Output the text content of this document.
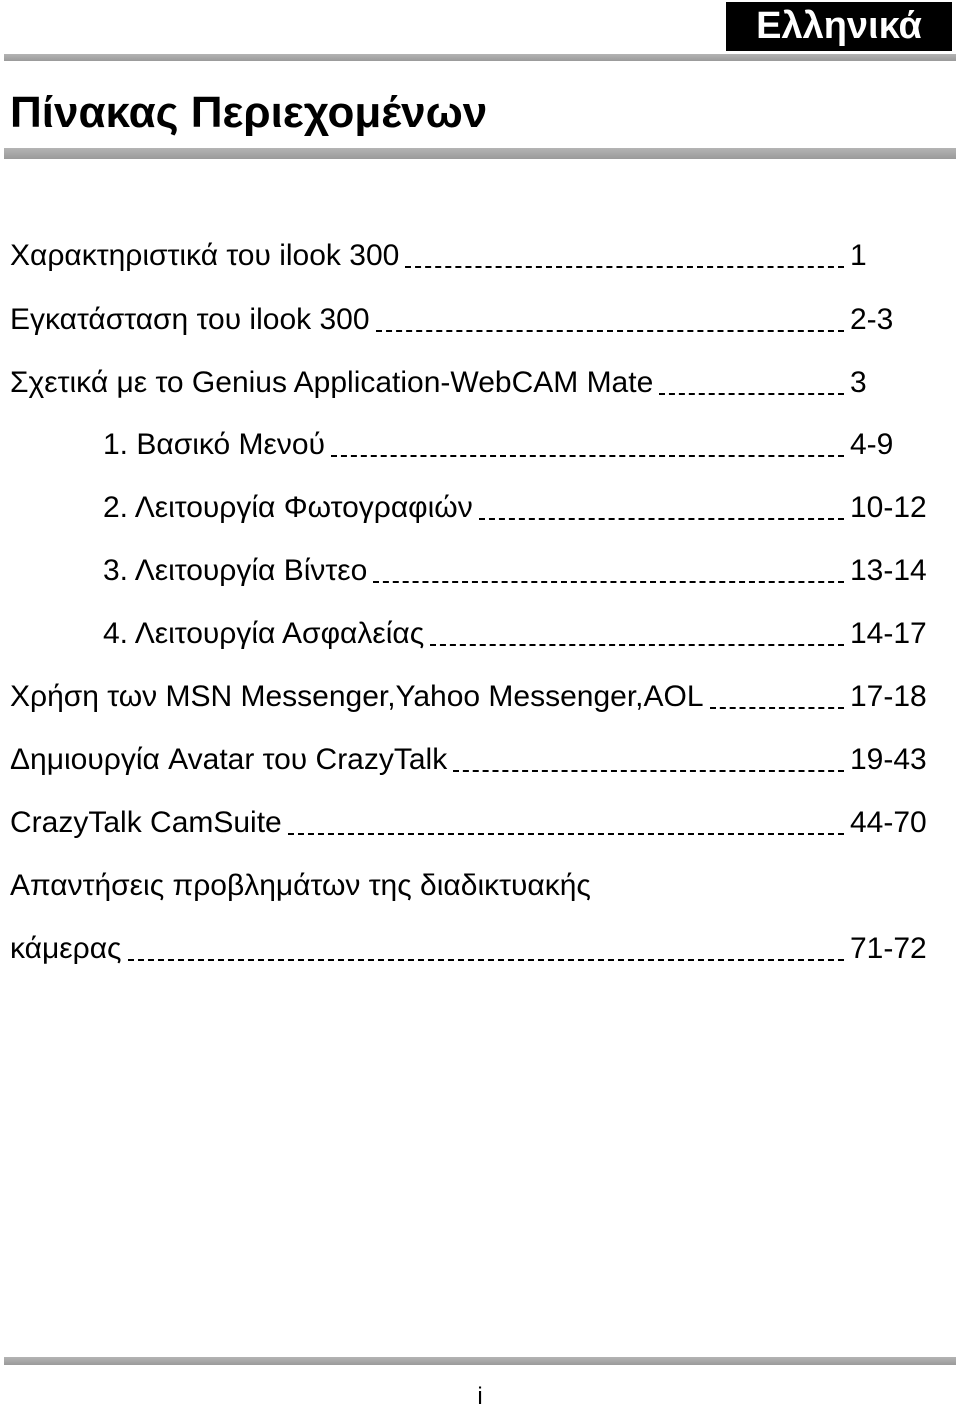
Ελληνικά
Πίνακας Περιεχομένων
Χαρακτηριστικά του ilook 300	1
Εγκατάσταση του ilook 300	2-3
Σχετικά με το Genius Application-WebCAM Mate	3
1. Βασικό Μενού	4-9
2. Λειτουργία Φωτογραφιών	10-12
3. Λειτουργία Βίντεο	13-14
4. Λειτουργία Ασφαλείας	14-17
Χρήση των MSN Messenger,Yahoo Messenger,AOL	17-18
Δημιουργία Avatar του CrazyTalk	19-43
CrazyTalk CamSuite	44-70
Απαντήσεις προβλημάτων της διαδικτυακής
κάμερας	71-72
i
